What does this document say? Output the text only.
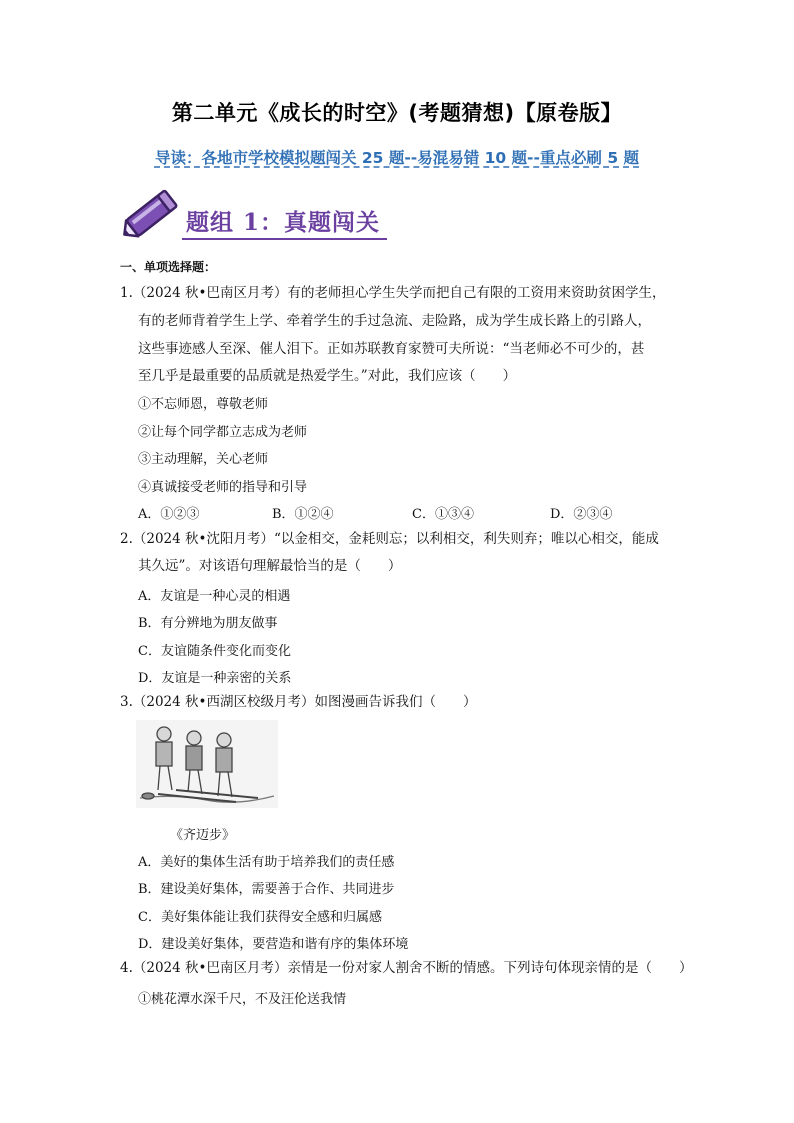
第二单元《成长的时空》(考题猜想)【原卷版】
导读：各地市学校模拟题闯关 25 题--易混易错 10 题--重点必刷 5 题
题组 1：真题闯关
一、单项选择题：
1.（2024 秋•巴南区月考）有的老师担心学生失学而把自己有限的工资用来资助贫困学生，
有的老师背着学生上学、牵着学生的手过急流、走险路，成为学生成长路上的引路人，
这些事迹感人至深、催人泪下。正如苏联教育家赞可夫所说：“当老师必不可少的，甚
至几乎是最重要的品质就是热爱学生。”对此，我们应该（　　）
①不忘师恩，尊敬老师
②让每个同学都立志成为老师
③主动理解，关心老师
④真诚接受老师的指导和引导
A．①②③	B．①②④	C．①③④	D．②③④
2.（2024 秋•沈阳月考）“以金相交，金耗则忘；以利相交，利失则弃；唯以心相交，能成
其久远”。对该语句理解最恰当的是（　　）
A．友谊是一种心灵的相遇
B．有分辨地为朋友做事
C．友谊随条件变化而变化
D．友谊是一种亲密的关系
3.（2024 秋•西湖区校级月考）如图漫画告诉我们（　　）
《齐迈步》
A．美好的集体生活有助于培养我们的责任感
B．建设美好集体，需要善于合作、共同进步
C．美好集体能让我们获得安全感和归属感
D．建设美好集体，要营造和谐有序的集体环境
4.（2024 秋•巴南区月考）亲情是一份对家人割舍不断的情感。下列诗句体现亲情的是（　　）
①桃花潭水深千尺，不及汪伦送我情
